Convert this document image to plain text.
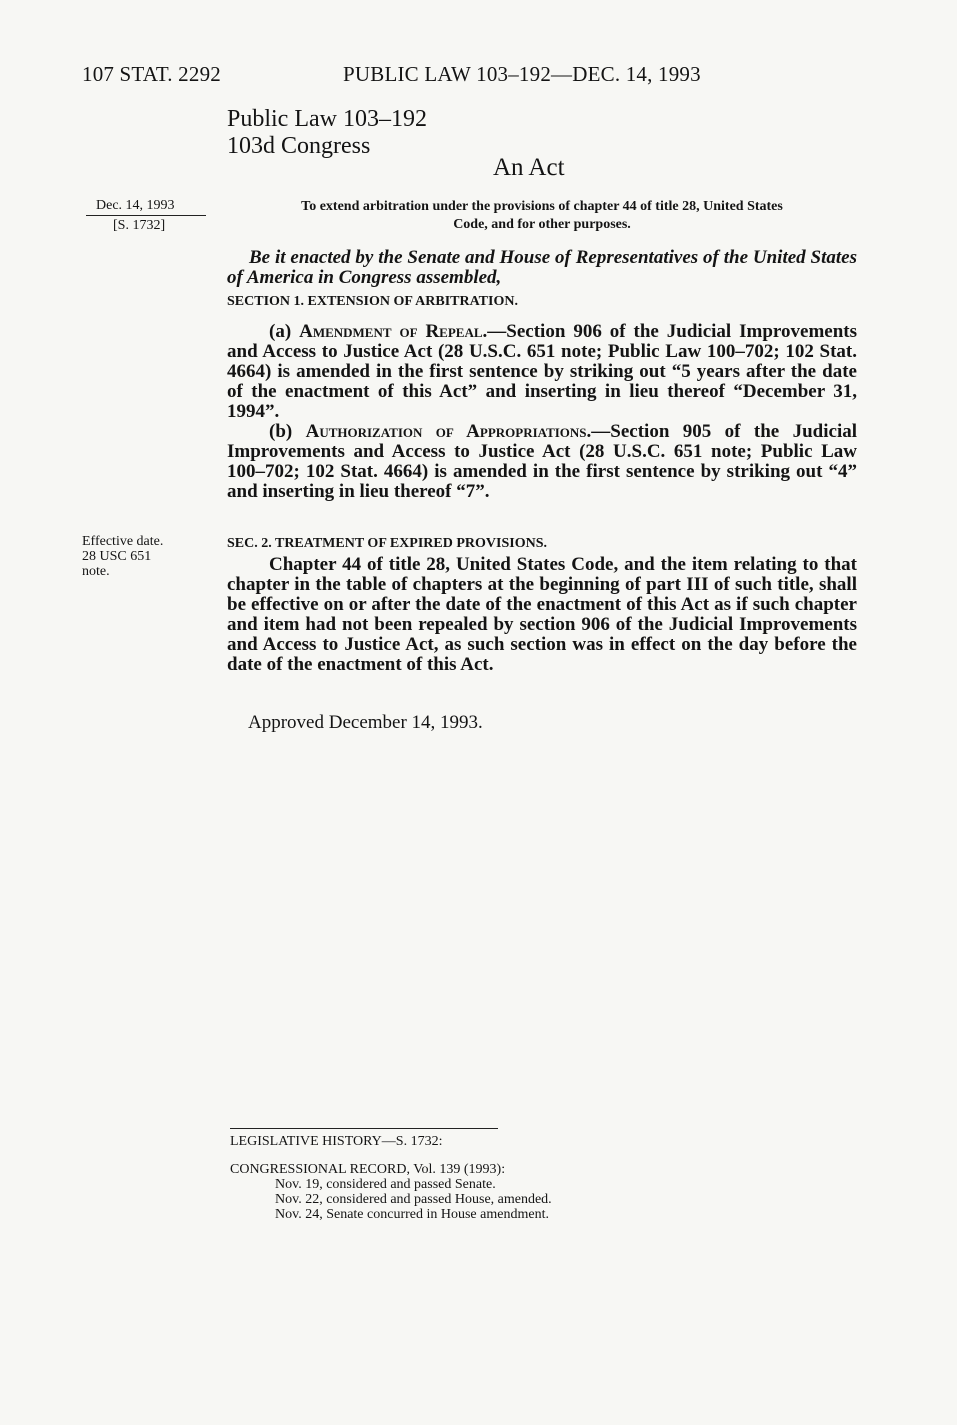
107 STAT. 2292	PUBLIC LAW 103–192—DEC. 14, 1993
Public Law 103–192
103d Congress
An Act
Dec. 14, 1993
[S. 1732]
To extend arbitration under the provisions of chapter 44 of title 28, United States
Code, and for other purposes.
Be it enacted by the Senate and House of Representatives of the United States of America in Congress assembled,
SECTION 1. EXTENSION OF ARBITRATION.
(a) Amendment of Repeal.—Section 906 of the Judicial Improvements and Access to Justice Act (28 U.S.C. 651 note; Public Law 100–702; 102 Stat. 4664) is amended in the first sentence by striking out “5 years after the date of the enactment of this Act” and inserting in lieu thereof “December 31, 1994”.
(b) Authorization of Appropriations.—Section 905 of the Judicial Improvements and Access to Justice Act (28 U.S.C. 651 note; Public Law 100–702; 102 Stat. 4664) is amended in the first sentence by striking out “4” and inserting in lieu thereof “7”.
Effective date.
28 USC 651
note.
SEC. 2. TREATMENT OF EXPIRED PROVISIONS.
Chapter 44 of title 28, United States Code, and the item relating to that chapter in the table of chapters at the beginning of part III of such title, shall be effective on or after the date of the enactment of this Act as if such chapter and item had not been repealed by section 906 of the Judicial Improvements and Access to Justice Act, as such section was in effect on the day before the date of the enactment of this Act.
Approved December 14, 1993.
LEGISLATIVE HISTORY—S. 1732:
CONGRESSIONAL RECORD, Vol. 139 (1993):
Nov. 19, considered and passed Senate.
Nov. 22, considered and passed House, amended.
Nov. 24, Senate concurred in House amendment.
